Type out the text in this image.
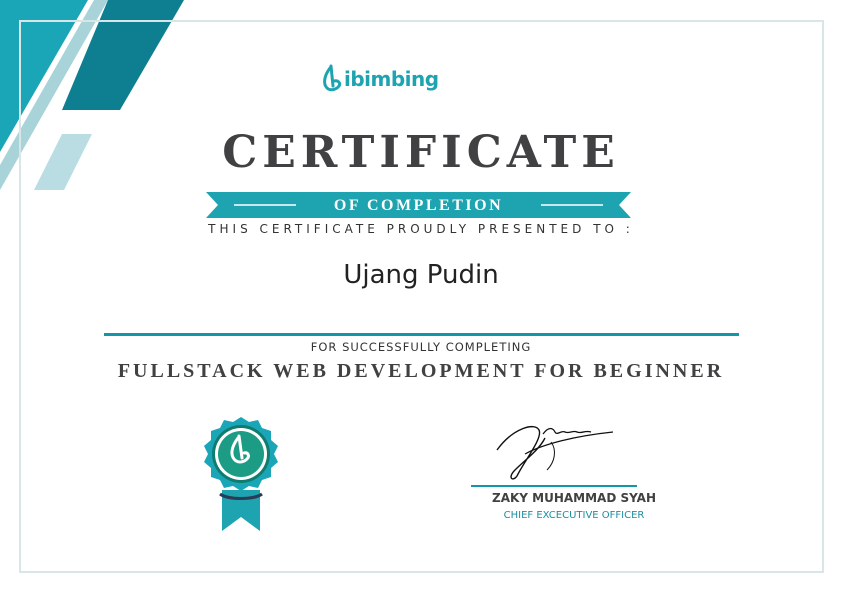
ibimbing
CERTIFICATE
OF COMPLETION
THIS CERTIFICATE PROUDLY PRESENTED TO :
Ujang Pudin
FOR SUCCESSFULLY COMPLETING
FULLSTACK WEB DEVELOPMENT FOR BEGINNER
ZAKY MUHAMMAD SYAH
CHIEF EXCECUTIVE OFFICER
